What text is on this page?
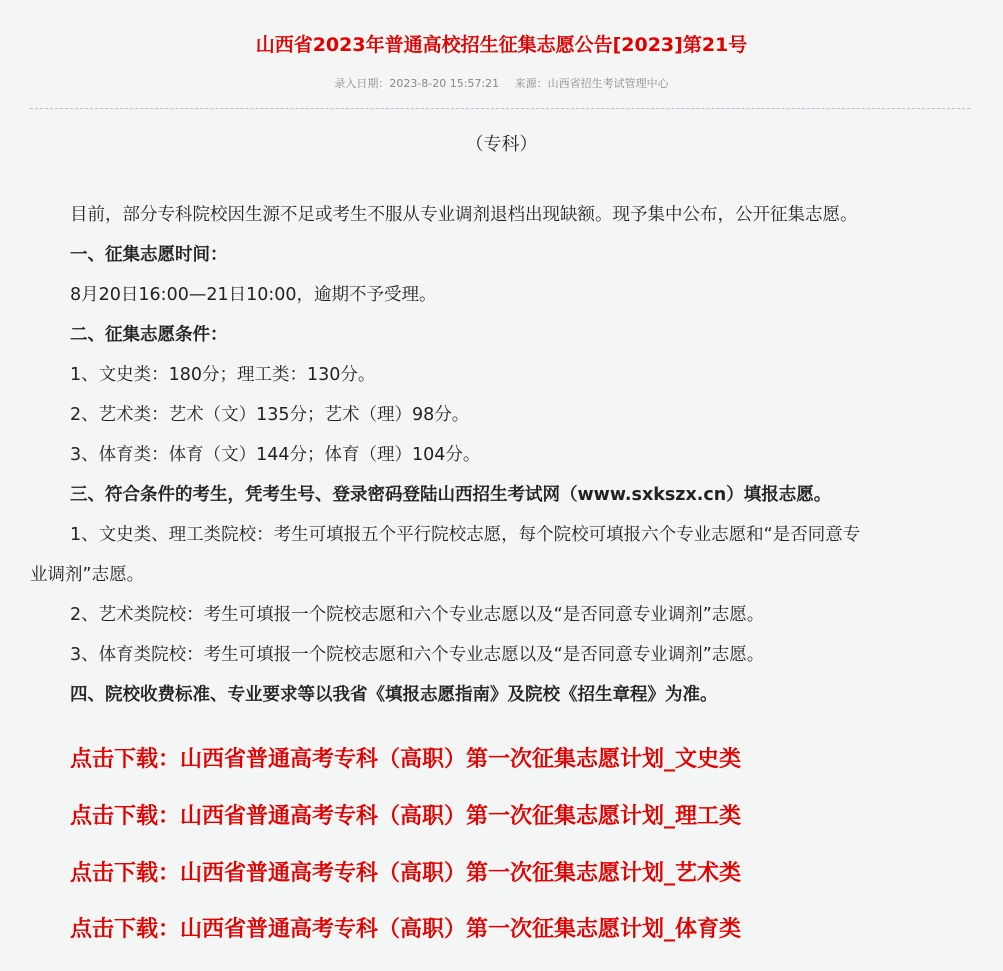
山西省2023年普通高校招生征集志愿公告[2023]第21号
录入日期：2023-8-20 15:57:21 来源：山西省招生考试管理中心
（专科）
目前，部分专科院校因生源不足或考生不服从专业调剂退档出现缺额。现予集中公布，公开征集志愿。
一、征集志愿时间：
8月20日16:00—21日10:00，逾期不予受理。
二、征集志愿条件：
1、文史类：180分；理工类：130分。
2、艺术类：艺术（文）135分；艺术（理）98分。
3、体育类：体育（文）144分；体育（理）104分。
三、符合条件的考生，凭考生号、登录密码登陆山西招生考试网（www.sxkszx.cn）填报志愿。
1、文史类、理工类院校：考生可填报五个平行院校志愿，每个院校可填报六个专业志愿和“是否同意专
业调剂”志愿。
2、艺术类院校：考生可填报一个院校志愿和六个专业志愿以及“是否同意专业调剂”志愿。
3、体育类院校：考生可填报一个院校志愿和六个专业志愿以及“是否同意专业调剂”志愿。
四、院校收费标准、专业要求等以我省《填报志愿指南》及院校《招生章程》为准。
点击下载：山西省普通高考专科（高职）第一次征集志愿计划_文史类
点击下载：山西省普通高考专科（高职）第一次征集志愿计划_理工类
点击下载：山西省普通高考专科（高职）第一次征集志愿计划_艺术类
点击下载：山西省普通高考专科（高职）第一次征集志愿计划_体育类
